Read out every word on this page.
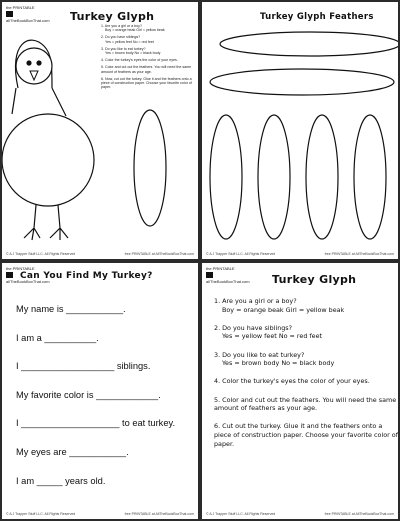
the PRINTABLE
allTheBookBoxThat.com Turkey Glyph
1. Are you a girl or a boy?
Boy = orange beak Girl = yellow beak
2. Do you have siblings?
Yes = yellow feet No = red feet
3. Do you like to eat turkey?
Yes = brown body No = black body
4. Color the turkey's eyes the color of your eyes.
5. Color and cut out the feathers. You will need the same amount of feathers as your age.
6. Now, cut out the turkey. Glue it and the feathers onto a piece of construction paper. Choose your favorite color of paper.
© A J Trapper Stuff LLC. All Rights Reserved	free PRINTABLE at AllTheBookBoxThat.com
Turkey Glyph Feathers
© A J Trapper Stuff LLC. All Rights Reserved	free PRINTABLE at AllTheBookBoxThat.com
the PRINTABLE
allTheBookBoxThat.com
Can You Find My Turkey?
My name is ___________.
I am a __________.
I __________________ siblings.
My favorite color is ____________.
I ___________________ to eat turkey.
My eyes are ___________.
I am _____ years old.
© A J Trapper Stuff LLC. All Rights Reserved	free PRINTABLE at AllTheBookBoxThat.com
the PRINTABLE
allTheBookBoxThat.com Turkey Glyph
1. Are you a girl or a boy?
Boy = orange beak Girl = yellow beak
2. Do you have siblings?
Yes = yellow feet No = red feet
3. Do you like to eat turkey?
Yes = brown body No = black body
4. Color the turkey's eyes the color of your eyes.
5. Color and cut out the feathers. You will need the same amount of feathers as your age.
6. Cut out the turkey. Glue it and the feathers onto a piece of construction paper. Choose your favorite color of paper.
© A J Trapper Stuff LLC. All Rights Reserved	free PRINTABLE at AllTheBookBoxThat.com
